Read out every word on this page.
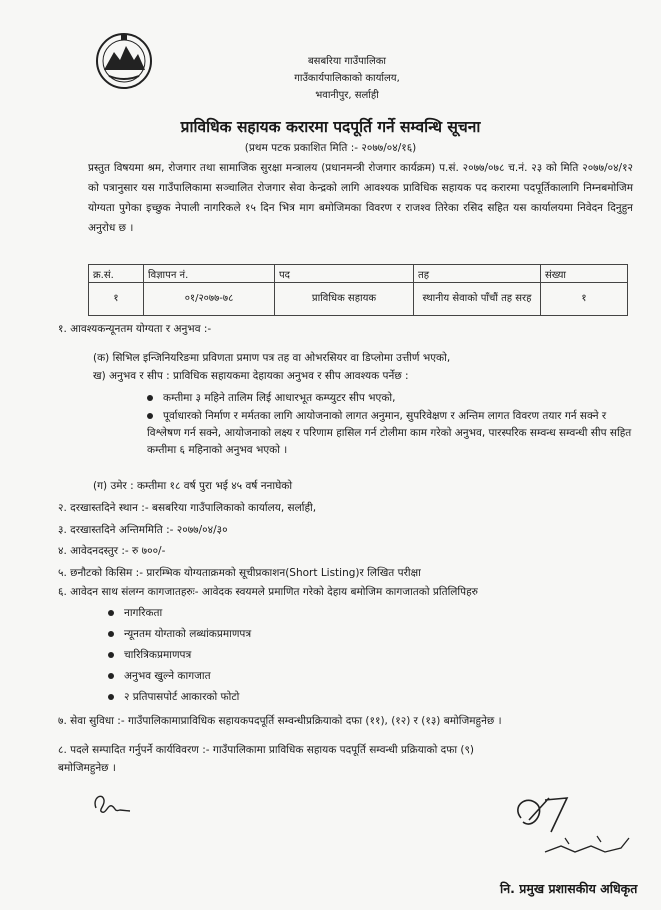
बसबरिया गाउँपालिका
गाउँकार्यपालिकाको कार्यालय,
भवानीपुर, सर्लाही
प्राविधिक सहायक करारमा पदपूर्ति गर्ने सम्वन्धि सूचना
(प्रथम पटक प्रकाशित मिति :- २०७७/०४/१६)
प्रस्तुत विषयमा श्रम, रोजगार तथा सामाजिक सुरक्षा मन्त्रालय (प्रधानमन्त्री रोजगार कार्यक्रम) प.सं. २०७७/०७८ च.नं. २३ को मिति २०७७/०४/१२ को पत्रानुसार यस गाउँपालिकामा सञ्चालित रोजगार सेवा केन्द्रको लागि आवश्यक प्राविधिक सहायक पद करारमा पदपूर्तिकालागि निम्नबमोजिम योग्यता पुगेका इच्छुक नेपाली नागरिकले १५ दिन भित्र माग बमोजिमका विवरण र राजश्व तिरेका रसिद सहित यस कार्यालयमा निवेदन दिनुहुन अनुरोध छ ।
क्र.सं.	विज्ञापन नं.	पद	तह	संख्या
१	०१/२०७७-७८	प्राविधिक सहायक	स्थानीय सेवाको पाँचौं तह सरह	१
१. आवश्यकन्यूनतम योग्यता र अनुभव :-
(क) सिभिल इन्जिनियरिङमा प्रविणता प्रमाण पत्र तह वा ओभरसियर वा डिप्लोमा उत्तीर्ण भएको,
ख) अनुभव र सीप : प्राविधिक सहायकमा देहायका अनुभव र सीप आवश्यक पर्नेछ :
कम्तीमा ३ महिने तालिम लिई आधारभूत कम्प्युटर सीप भएको,
पूर्वाधारको निर्माण र मर्मतका लागि आयोजनाको लागत अनुमान, सुपरिवेक्षण र अन्तिम लागत विवरण तयार गर्न सक्ने र विश्लेषण गर्न सक्ने, आयोजनाको लक्ष्य र परिणाम हासिल गर्न टोलीमा काम गरेको अनुभव, पारस्परिक सम्वन्ध सम्वन्धी सीप सहित कम्तीमा ६ महिनाको अनुभव भएको ।
(ग) उमेर : कम्तीमा १८ वर्ष पुरा भई ४५ वर्ष ननाघेको
२. दरखास्तदिने स्थान :- बसबरिया गाउँपालिकाको कार्यालय, सर्लाही,
३. दरखास्तदिने अन्तिममिति :- २०७७/०४/३०
४. आवेदनदस्तुर :- रु ७००/-
५. छनौटको किसिम :- प्रारम्भिक योग्यताक्रमको सूचीप्रकाशन(Short Listing)र लिखित परीक्षा
६. आवेदन साथ संलग्न कागजातहरुः- आवेदक स्वयमले प्रमाणित गरेको देहाय बमोजिम कागजातको प्रतिलिपिहरु
नागरिकता
न्यूनतम योग्ताको लब्धांकप्रमाणपत्र
चारित्रिकप्रमाणपत्र
अनुभव खुल्ने कागजात
२ प्रतिपासपोर्ट आकारको फोटो
७. सेवा सुविधा :- गाउँपालिकामाप्राविधिक सहायकपदपूर्ति सम्वन्धीप्रक्रियाको दफा (११), (१२) र (१३) बमोजिमहुनेछ ।
८. पदले सम्पादित गर्नुपर्ने कार्यविवरण :- गाउँपालिकामा प्राविधिक सहायक पदपूर्ति सम्वन्धी प्रक्रियाको दफा (९)
बमोजिमहुनेछ ।
नि. प्रमुख प्रशासकीय अधिकृत
